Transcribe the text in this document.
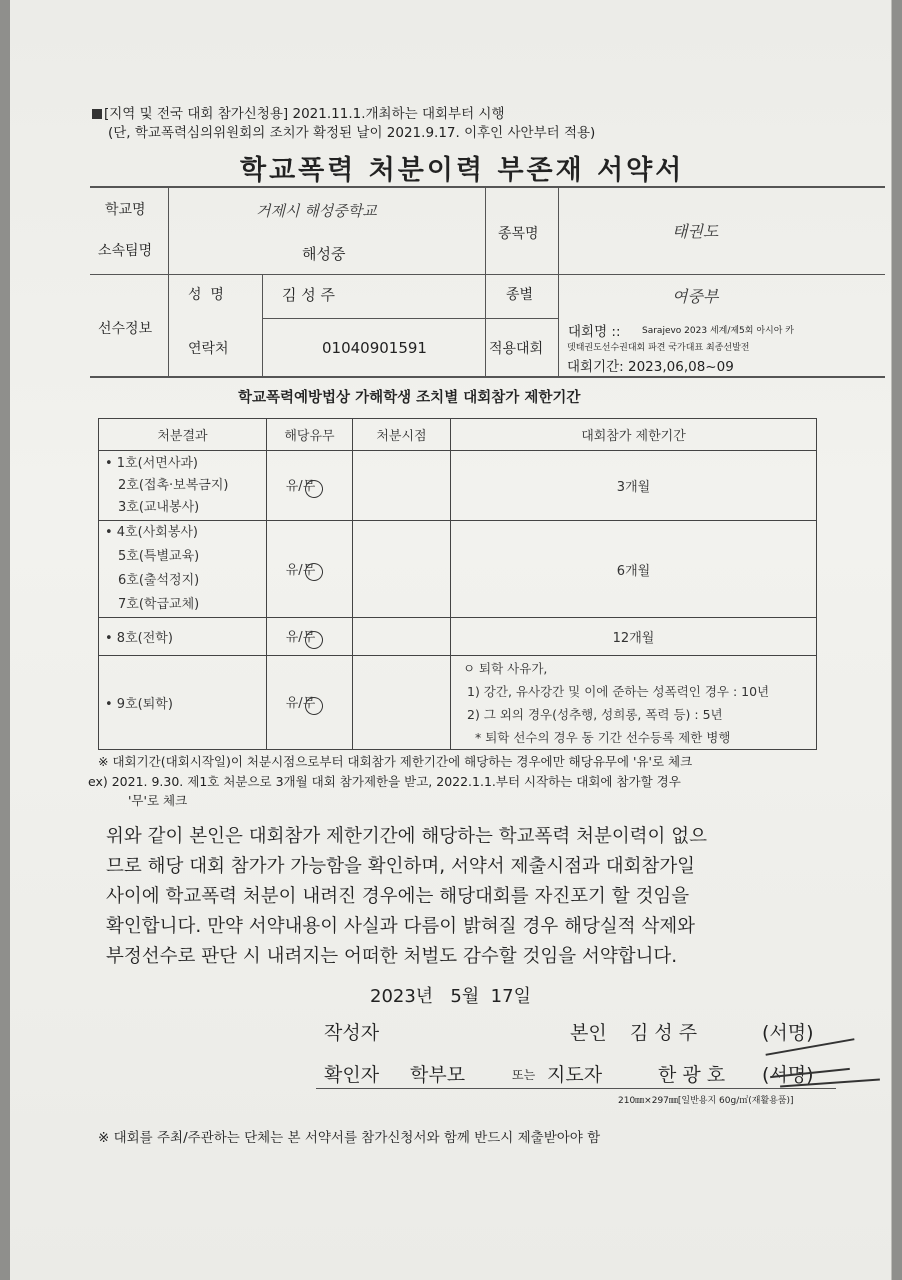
[지역 및 전국 대회 참가신청용] 2021.11.1.개최하는 대회부터 시행
(단, 학교폭력심의위원회의 조치가 확정된 날이 2021.9.17. 이후인 사안부터 적용)
학교폭력 처분이력 부존재 서약서
학교명	거제시 해성중학교
소속팀명	해성중
종목명	태권도
선수정보
성  명	김 성 주	종별	여중부
연락처	01040901591	적용대회
대회명 :: Sarajevo 2023 세계/제5회 아시아 카
뎃태권도선수권대회 파견 국가대표 최종선발전
대회기간: 2023,06,08~09
학교폭력예방법상 가해학생 조치별 대회참가 제한기간
처분결과	해당유무	처분시점	대회참가 제한기간

• 1호(서면사과)
2호(접촉·보복금지)
3호(교내봉사)	유/무		3개월

• 4호(사회봉사)
5호(특별교육)
6호(출석정지)
7호(학급교체)	유/무		6개월

• 8호(전학)	유/무		12개월

• 9호(퇴학)	유/무		ㅇ 퇴학 사유가,
1) 강간, 유사강간 및 이에 준하는 성폭력인 경우 : 10년
2) 그 외의 경우(성추행, 성희롱, 폭력 등) : 5년
* 퇴학 선수의 경우 동 기간 선수등록 제한 병행
※ 대회기간(대회시작일)이 처분시점으로부터 대회참가 제한기간에 해당하는 경우에만 해당유무에 '유'로 체크
ex) 2021. 9.30. 제1호 처분으로 3개월 대회 참가제한을 받고, 2022.1.1.부터 시작하는 대회에 참가할 경우
'무'로 체크
위와 같이 본인은 대회참가 제한기간에 해당하는 학교폭력 처분이력이 없으
므로 해당 대회 참가가 가능함을 확인하며, 서약서 제출시점과 대회참가일
사이에 학교폭력 처분이 내려진 경우에는 해당대회를 자진포기 할 것임을
확인합니다. 만약 서약내용이 사실과 다름이 밝혀질 경우 해당실적 삭제와
부정선수로 판단 시 내려지는 어떠한 처벌도 감수할 것임을 서약합니다.
2023년 5월 17일
작성자	본인 김 성 주	(서명)
확인자 학부모	또는 지도자	한 광 호 (서명)
210㎜×297㎜[일반용지 60g/㎡(재활용품)]
※ 대회를 주최/주관하는 단체는 본 서약서를 참가신청서와 함께 반드시 제출받아야 함
